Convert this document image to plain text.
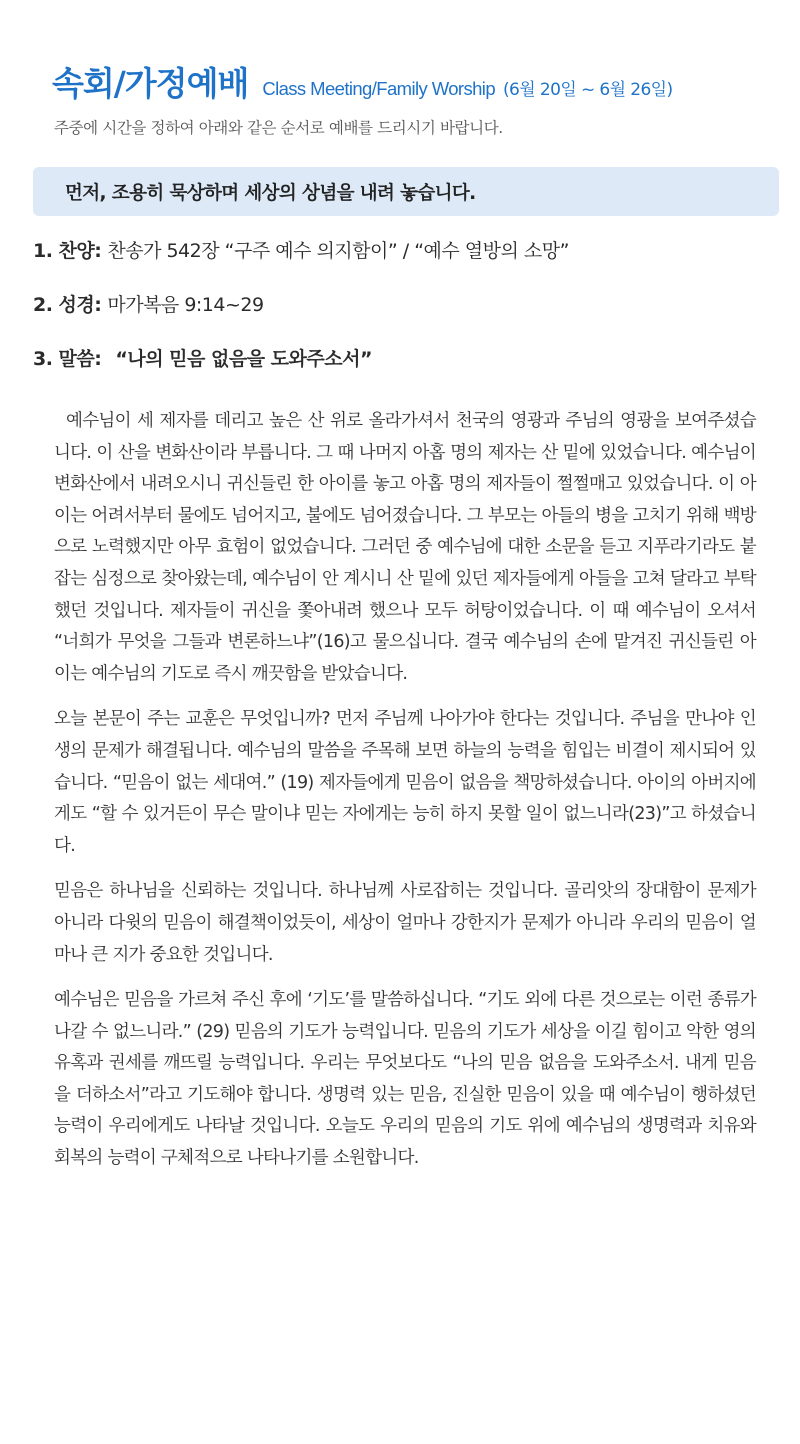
속회/가정예배 Class Meeting/Family Worship (6월 20일 ~ 6월 26일)
주중에 시간을 정하여 아래와 같은 순서로 예배를 드리시기 바랍니다.
먼저, 조용히 묵상하며 세상의 상념을 내려 놓습니다.
1. 찬양: 찬송가 542장 “구주 예수 의지함이” / “예수 열방의 소망”
2. 성경: 마가복음 9:14~29
3. 말씀: “나의 믿음 없음을 도와주소서”

예수님이 세 제자를 데리고 높은 산 위로 올라가셔서 천국의 영광과 주님의 영광을 보여주셨습니다. 이 산을 변화산이라 부릅니다. 그 때 나머지 아홉 명의 제자는 산 밑에 있었습니다. 예수님이 변화산에서 내려오시니 귀신들린 한 아이를 놓고 아홉 명의 제자들이 쩔쩔매고 있었습니다. 이 아이는 어려서부터 물에도 넘어지고, 불에도 넘어졌습니다. 그 부모는 아들의 병을 고치기 위해 백방으로 노력했지만 아무 효험이 없었습니다. 그러던 중 예수님에 대한 소문을 듣고 지푸라기라도 붙잡는 심정으로 찾아왔는데, 예수님이 안 계시니 산 밑에 있던 제자들에게 아들을 고쳐 달라고 부탁했던 것입니다. 제자들이 귀신을 쫓아내려 했으나 모두 허탕이었습니다. 이 때 예수님이 오셔서 “너희가 무엇을 그들과 변론하느냐”(16)고 물으십니다. 결국 예수님의 손에 맡겨진 귀신들린 아이는 예수님의 기도로 즉시 깨끗함을 받았습니다.

오늘 본문이 주는 교훈은 무엇입니까? 먼저 주님께 나아가야 한다는 것입니다. 주님을 만나야 인생의 문제가 해결됩니다. 예수님의 말씀을 주목해 보면 하늘의 능력을 힘입는 비결이 제시되어 있습니다. “믿음이 없는 세대여.” (19) 제자들에게 믿음이 없음을 책망하셨습니다. 아이의 아버지에게도 “할 수 있거든이 무슨 말이냐 믿는 자에게는 능히 하지 못할 일이 없느니라(23)”고 하셨습니다.

믿음은 하나님을 신뢰하는 것입니다. 하나님께 사로잡히는 것입니다. 골리앗의 장대함이 문제가 아니라 다윗의 믿음이 해결책이었듯이, 세상이 얼마나 강한지가 문제가 아니라 우리의 믿음이 얼마나 큰 지가 중요한 것입니다.

예수님은 믿음을 가르쳐 주신 후에 ‘기도’를 말씀하십니다. “기도 외에 다른 것으로는 이런 종류가 나갈 수 없느니라.” (29) 믿음의 기도가 능력입니다. 믿음의 기도가 세상을 이길 힘이고 악한 영의 유혹과 권세를 깨뜨릴 능력입니다. 우리는 무엇보다도 “나의 믿음 없음을 도와주소서. 내게 믿음을 더하소서”라고 기도해야 합니다. 생명력 있는 믿음, 진실한 믿음이 있을 때 예수님이 행하셨던 능력이 우리에게도 나타날 것입니다. 오늘도 우리의 믿음의 기도 위에 예수님의 생명력과 치유와 회복의 능력이 구체적으로 나타나기를 소원합니다.
